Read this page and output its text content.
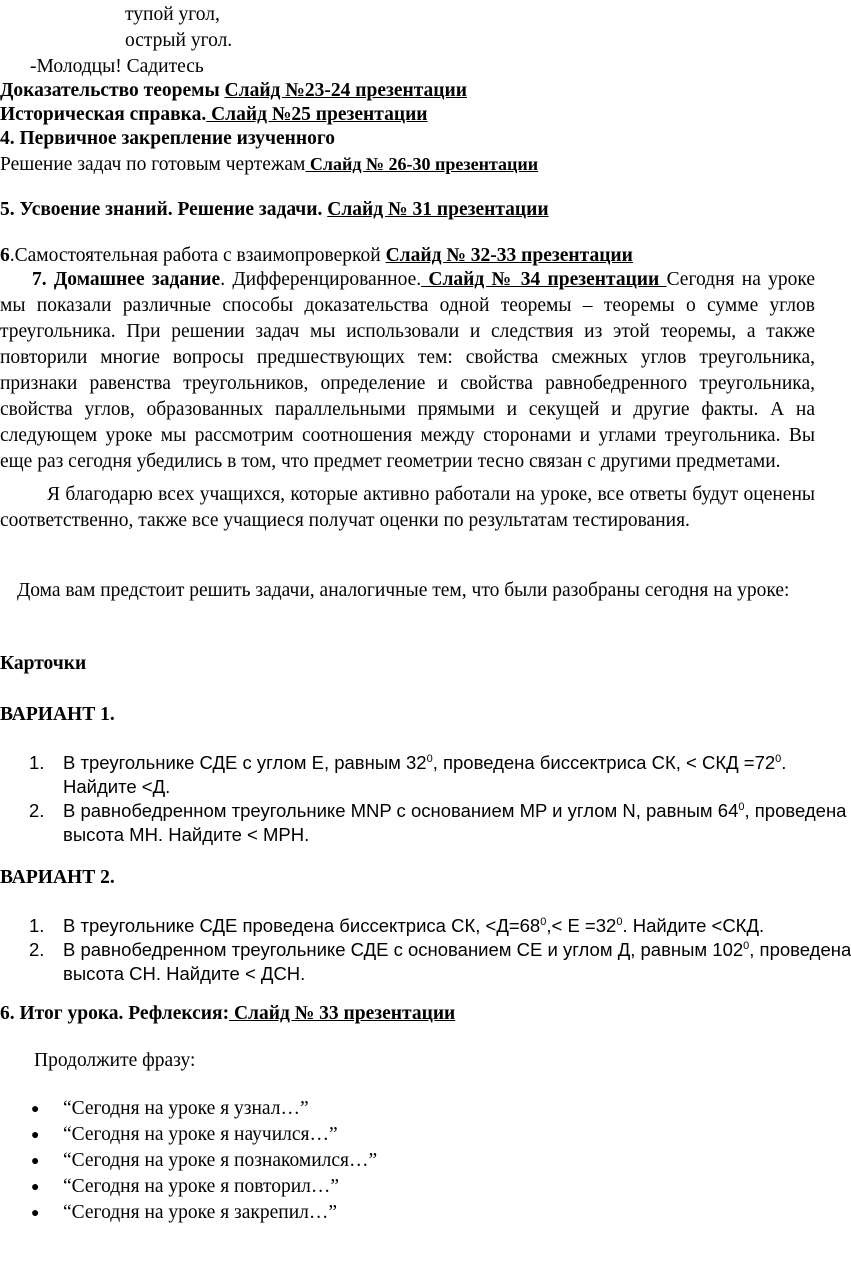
тупой угол,
острый угол.
-Молодцы! Садитесь
Доказательство теоремы Слайд №23-24 презентации
Историческая справка. Слайд №25 презентации
4. Первичное закрепление изученного
Решение задач по готовым чертежам Слайд № 26-30 презентации
5. Усвоение знаний. Решение задачи. Слайд № 31 презентации
6.Самостоятельная работа с взаимопроверкой Слайд № 32-33 презентации
7. Домашнее задание. Дифференцированное. Слайд № 34 презентации Сегодня на уроке мы показали различные способы доказательства одной теоремы – теоремы о сумме углов треугольника. При решении задач мы использовали и следствия из этой теоремы, а также повторили многие вопросы предшествующих тем: свойства смежных углов треугольника, признаки равенства треугольников, определение и свойства равнобедренного треугольника, свойства углов, образованных параллельными прямыми и секущей и другие факты. А на следующем уроке мы рассмотрим соотношения между сторонами и углами треугольника. Вы еще раз сегодня убедились в том, что предмет геометрии тесно связан с другими предметами.
Я благодарю всех учащихся, которые активно работали на уроке, все ответы будут оценены соответственно, также все учащиеся получат оценки по результатам тестирования.
Дома вам предстоит решить задачи, аналогичные тем, что были разобраны сегодня на уроке:
Карточки
ВАРИАНТ 1.
1. В треугольнике СДЕ с углом Е, равным $32^0$, проведена биссектриса СК, < СКД $=72^0$.
Найдите <Д.
2. В равнобедренном треугольнике MNP с основанием MP и углом N, равным $64^0$, проведена
высота MH. Найдите < MPH.
ВАРИАНТ 2.
1. В треугольнике СДЕ проведена биссектриса СК, $<Д=68^0,< Е =32^0$. Найдите <СКД.
2. В равнобедренном треугольнике СДЕ с основанием СЕ и углом Д, равным $102^0$, проведена
высота СН. Найдите < ДСН.
6. Итог урока. Рефлексия: Слайд № 33 презентации
Продолжите фразу:
● “Сегодня на уроке я узнал…”
● “Сегодня на уроке я научился…”
● “Сегодня на уроке я познакомился…”
● “Сегодня на уроке я повторил…”
● “Сегодня на уроке я закрепил…”
